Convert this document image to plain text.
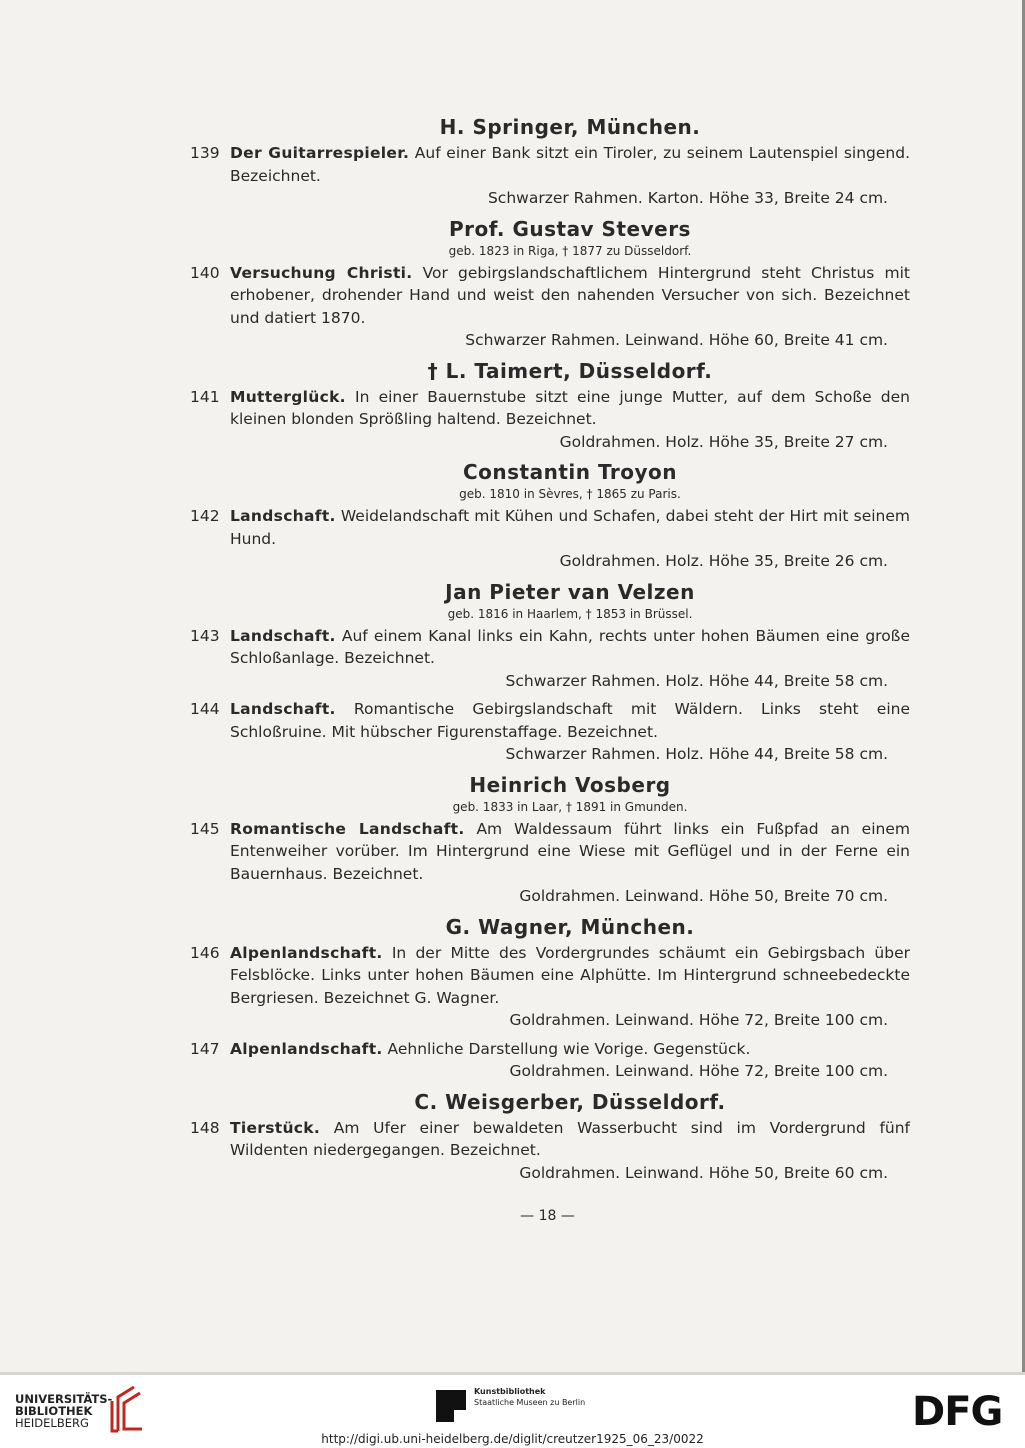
H. Springer, München.
139 Der Guitarrespieler. Auf einer Bank sitzt ein Tiroler, zu seinem Lautenspiel singend. Bezeichnet.
Schwarzer Rahmen. Karton. Höhe 33, Breite 24 cm.
Prof. Gustav Stevers
geb. 1823 in Riga, † 1877 zu Düsseldorf.
140 Versuchung Christi. Vor gebirgslandschaftlichem Hintergrund steht Christus mit erhobener, drohender Hand und weist den nahenden Versucher von sich. Bezeichnet und datiert 1870.
Schwarzer Rahmen. Leinwand. Höhe 60, Breite 41 cm.
† L. Taimert, Düsseldorf.
141 Mutterglück. In einer Bauernstube sitzt eine junge Mutter, auf dem Schoße den kleinen blonden Sprößling haltend. Bezeichnet.
Goldrahmen. Holz. Höhe 35, Breite 27 cm.
Constantin Troyon
geb. 1810 in Sèvres, † 1865 zu Paris.
142 Landschaft. Weidelandschaft mit Kühen und Schafen, dabei steht der Hirt mit seinem Hund.
Goldrahmen. Holz. Höhe 35, Breite 26 cm.
Jan Pieter van Velzen
geb. 1816 in Haarlem, † 1853 in Brüssel.
143 Landschaft. Auf einem Kanal links ein Kahn, rechts unter hohen Bäumen eine große Schloßanlage. Bezeichnet.
Schwarzer Rahmen. Holz. Höhe 44, Breite 58 cm.
144 Landschaft. Romantische Gebirgslandschaft mit Wäldern. Links steht eine Schloßruine. Mit hübscher Figurenstaffage. Bezeichnet.
Schwarzer Rahmen. Holz. Höhe 44, Breite 58 cm.
Heinrich Vosberg
geb. 1833 in Laar, † 1891 in Gmunden.
145 Romantische Landschaft. Am Waldessaum führt links ein Fußpfad an einem Entenweiher vorüber. Im Hintergrund eine Wiese mit Geflügel und in der Ferne ein Bauernhaus. Bezeichnet.
Goldrahmen. Leinwand. Höhe 50, Breite 70 cm.
G. Wagner, München.
146 Alpenlandschaft. In der Mitte des Vordergrundes schäumt ein Gebirgsbach über Felsblöcke. Links unter hohen Bäumen eine Alphütte. Im Hintergrund schneebedeckte Bergriesen. Bezeichnet G. Wagner.
Goldrahmen. Leinwand. Höhe 72, Breite 100 cm.
147 Alpenlandschaft. Aehnliche Darstellung wie Vorige. Gegenstück.
Goldrahmen. Leinwand. Höhe 72, Breite 100 cm.
C. Weisgerber, Düsseldorf.
148 Tierstück. Am Ufer einer bewaldeten Wasserbucht sind im Vordergrund fünf Wildenten niedergegangen. Bezeichnet.
Goldrahmen. Leinwand. Höhe 50, Breite 60 cm.
— 18 —
UNIVERSITÄTS-
BIBLIOTHEK
HEIDELBERG
Kunstbibliothek
Staatliche Museen zu Berlin	DFG
http://digi.ub.uni-heidelberg.de/diglit/creutzer1925_06_23/0022
